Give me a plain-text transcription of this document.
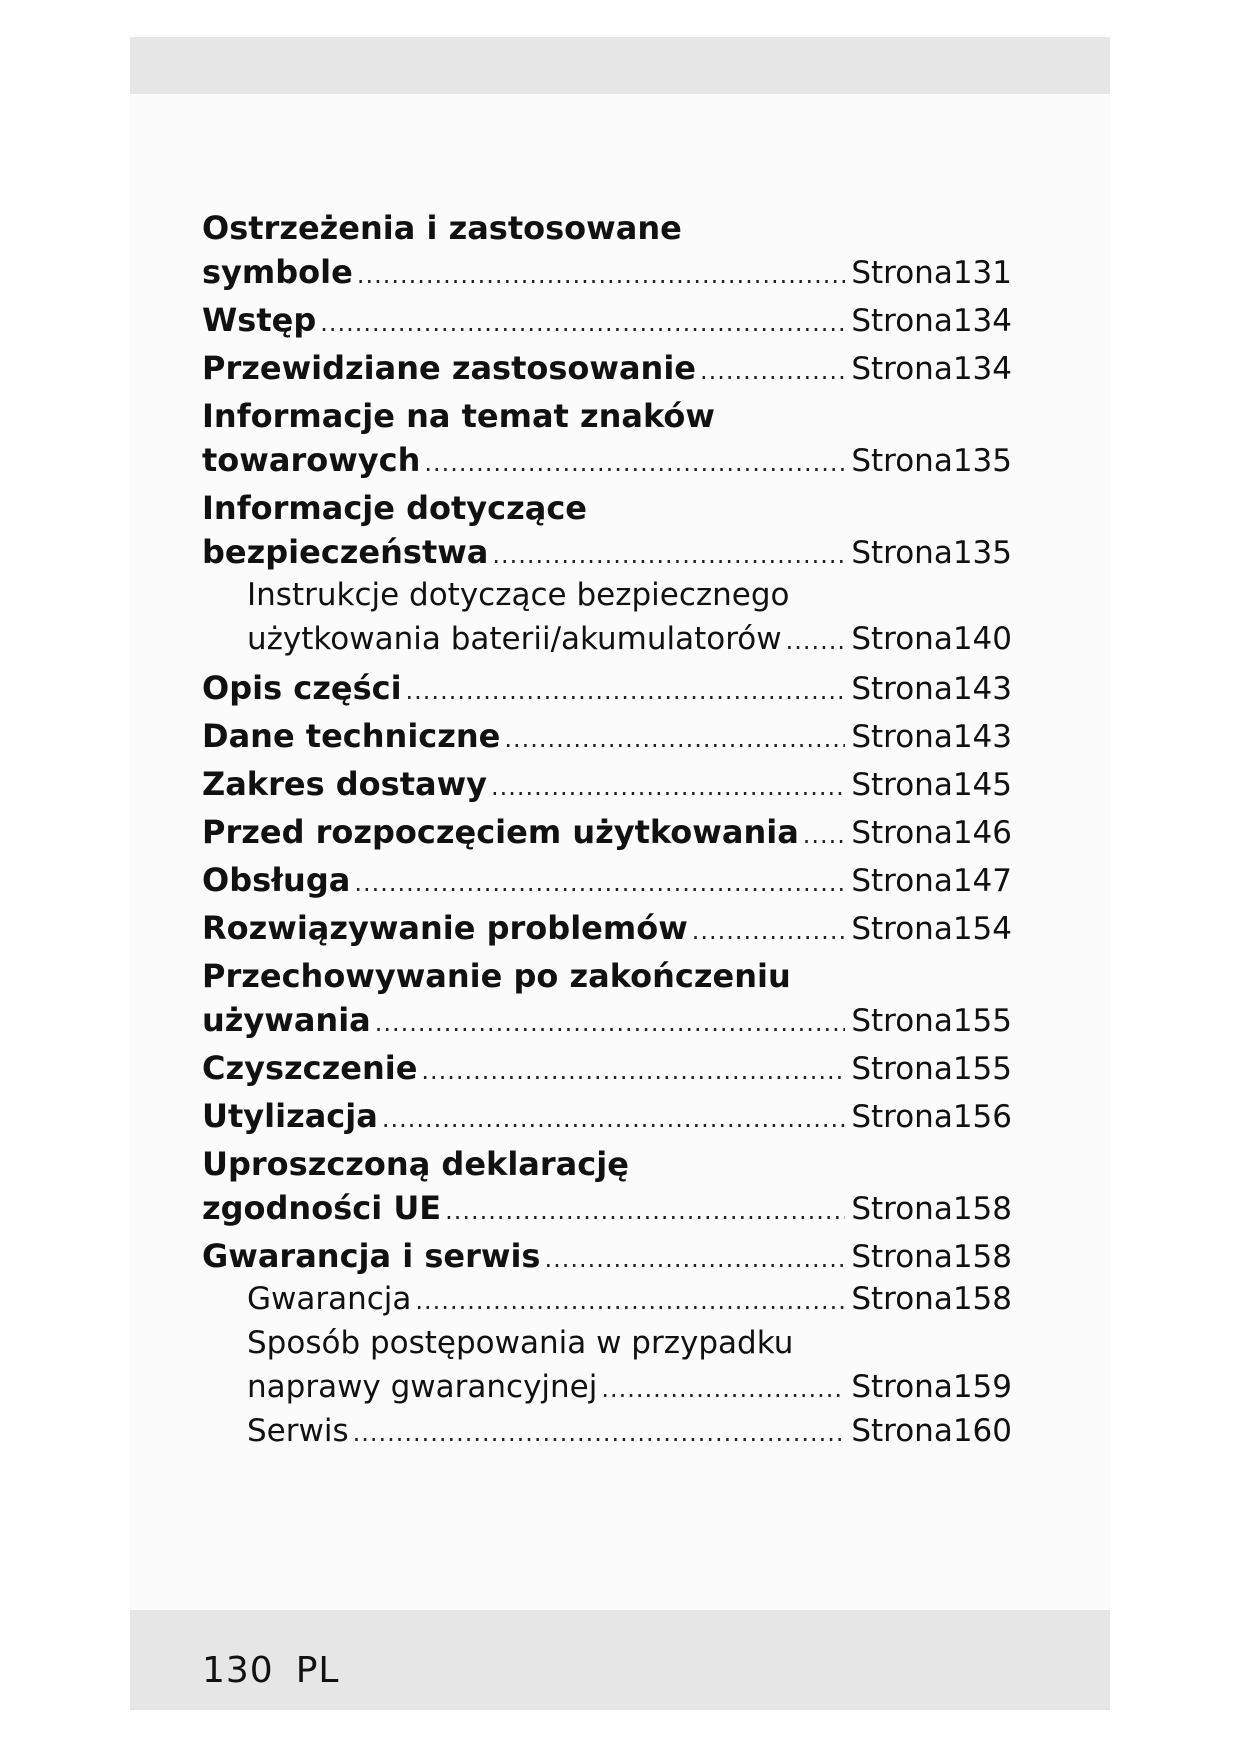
Ostrzeżenia i zastosowane
symbole .....	Strona131
Wstęp .....	Strona134
Przewidziane zastosowanie .....	Strona134
Informacje na temat znaków
towarowych .....	Strona135
Informacje dotyczące
bezpieczeństwa .....	Strona135
Instrukcje dotyczące bezpiecznego
użytkowania baterii/akumulatorów ..... Strona140
Opis części .....	Strona143
Dane techniczne .....	Strona143
Zakres dostawy .....	Strona145
Przed rozpoczęciem użytkowania ..... Strona146
Obsługa .....	Strona147
Rozwiązywanie problemów .....	Strona154
Przechowywanie po zakończeniu
używania .....	Strona155
Czyszczenie .....	Strona155
Utylizacja .....	Strona156
Uproszczoną deklarację
zgodności UE .....	Strona158
Gwarancja i serwis .....	Strona158
Gwarancja .....	Strona158
Sposób postępowania w przypadku
naprawy gwarancyjnej .....	Strona159
Serwis .....	Strona160
130 PL
